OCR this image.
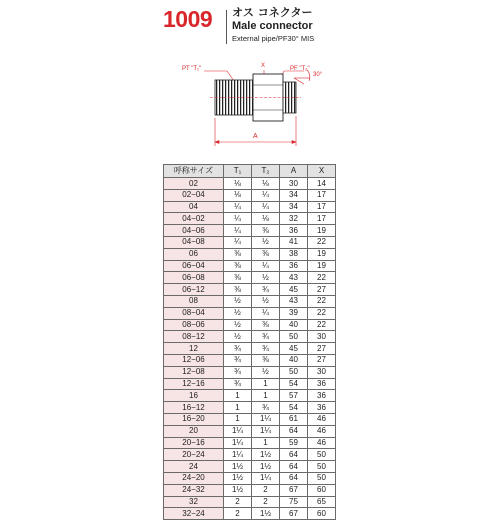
1009 オス コネクター
Male connector
External pipe/PF30° MIS
PT "T₁"	X	PF "T₂"
30°
A
呼称サイズ	T₁	T₂	A	X
02	⅛	⅛	30	14
02−04	⅛	¼	34	17
04	¼	¼	34	17
04−02	¼	⅛	32	17
04−06	¼	⅜	36	19
04−08	¼	½	41	22
06	⅜	⅜	38	19
06−04	⅜	¼	36	19
06−08	⅜	½	43	22
06−12	⅜	¾	45	27
08	½	½	43	22
08−04	½	¼	39	22
08−06	½	⅜	40	22
08−12	½	¾	50	30
12	¾	¾	45	27
12−06	¾	⅜	40	27
12−08	¾	½	50	30
12−16	¾	1	54	36
16	1	1	57	36
16−12	1	¾	54	36
16−20	1	1¼	61	46
20	1¼	1¼	64	46
20−16	1¼	1	59	46
20−24	1¼	1½	64	50
24	1½	1½	64	50
24−20	1½	1¼	64	50
24−32	1½	2	67	60
32	2	2	75	65
32−24	2	1½	67	60
